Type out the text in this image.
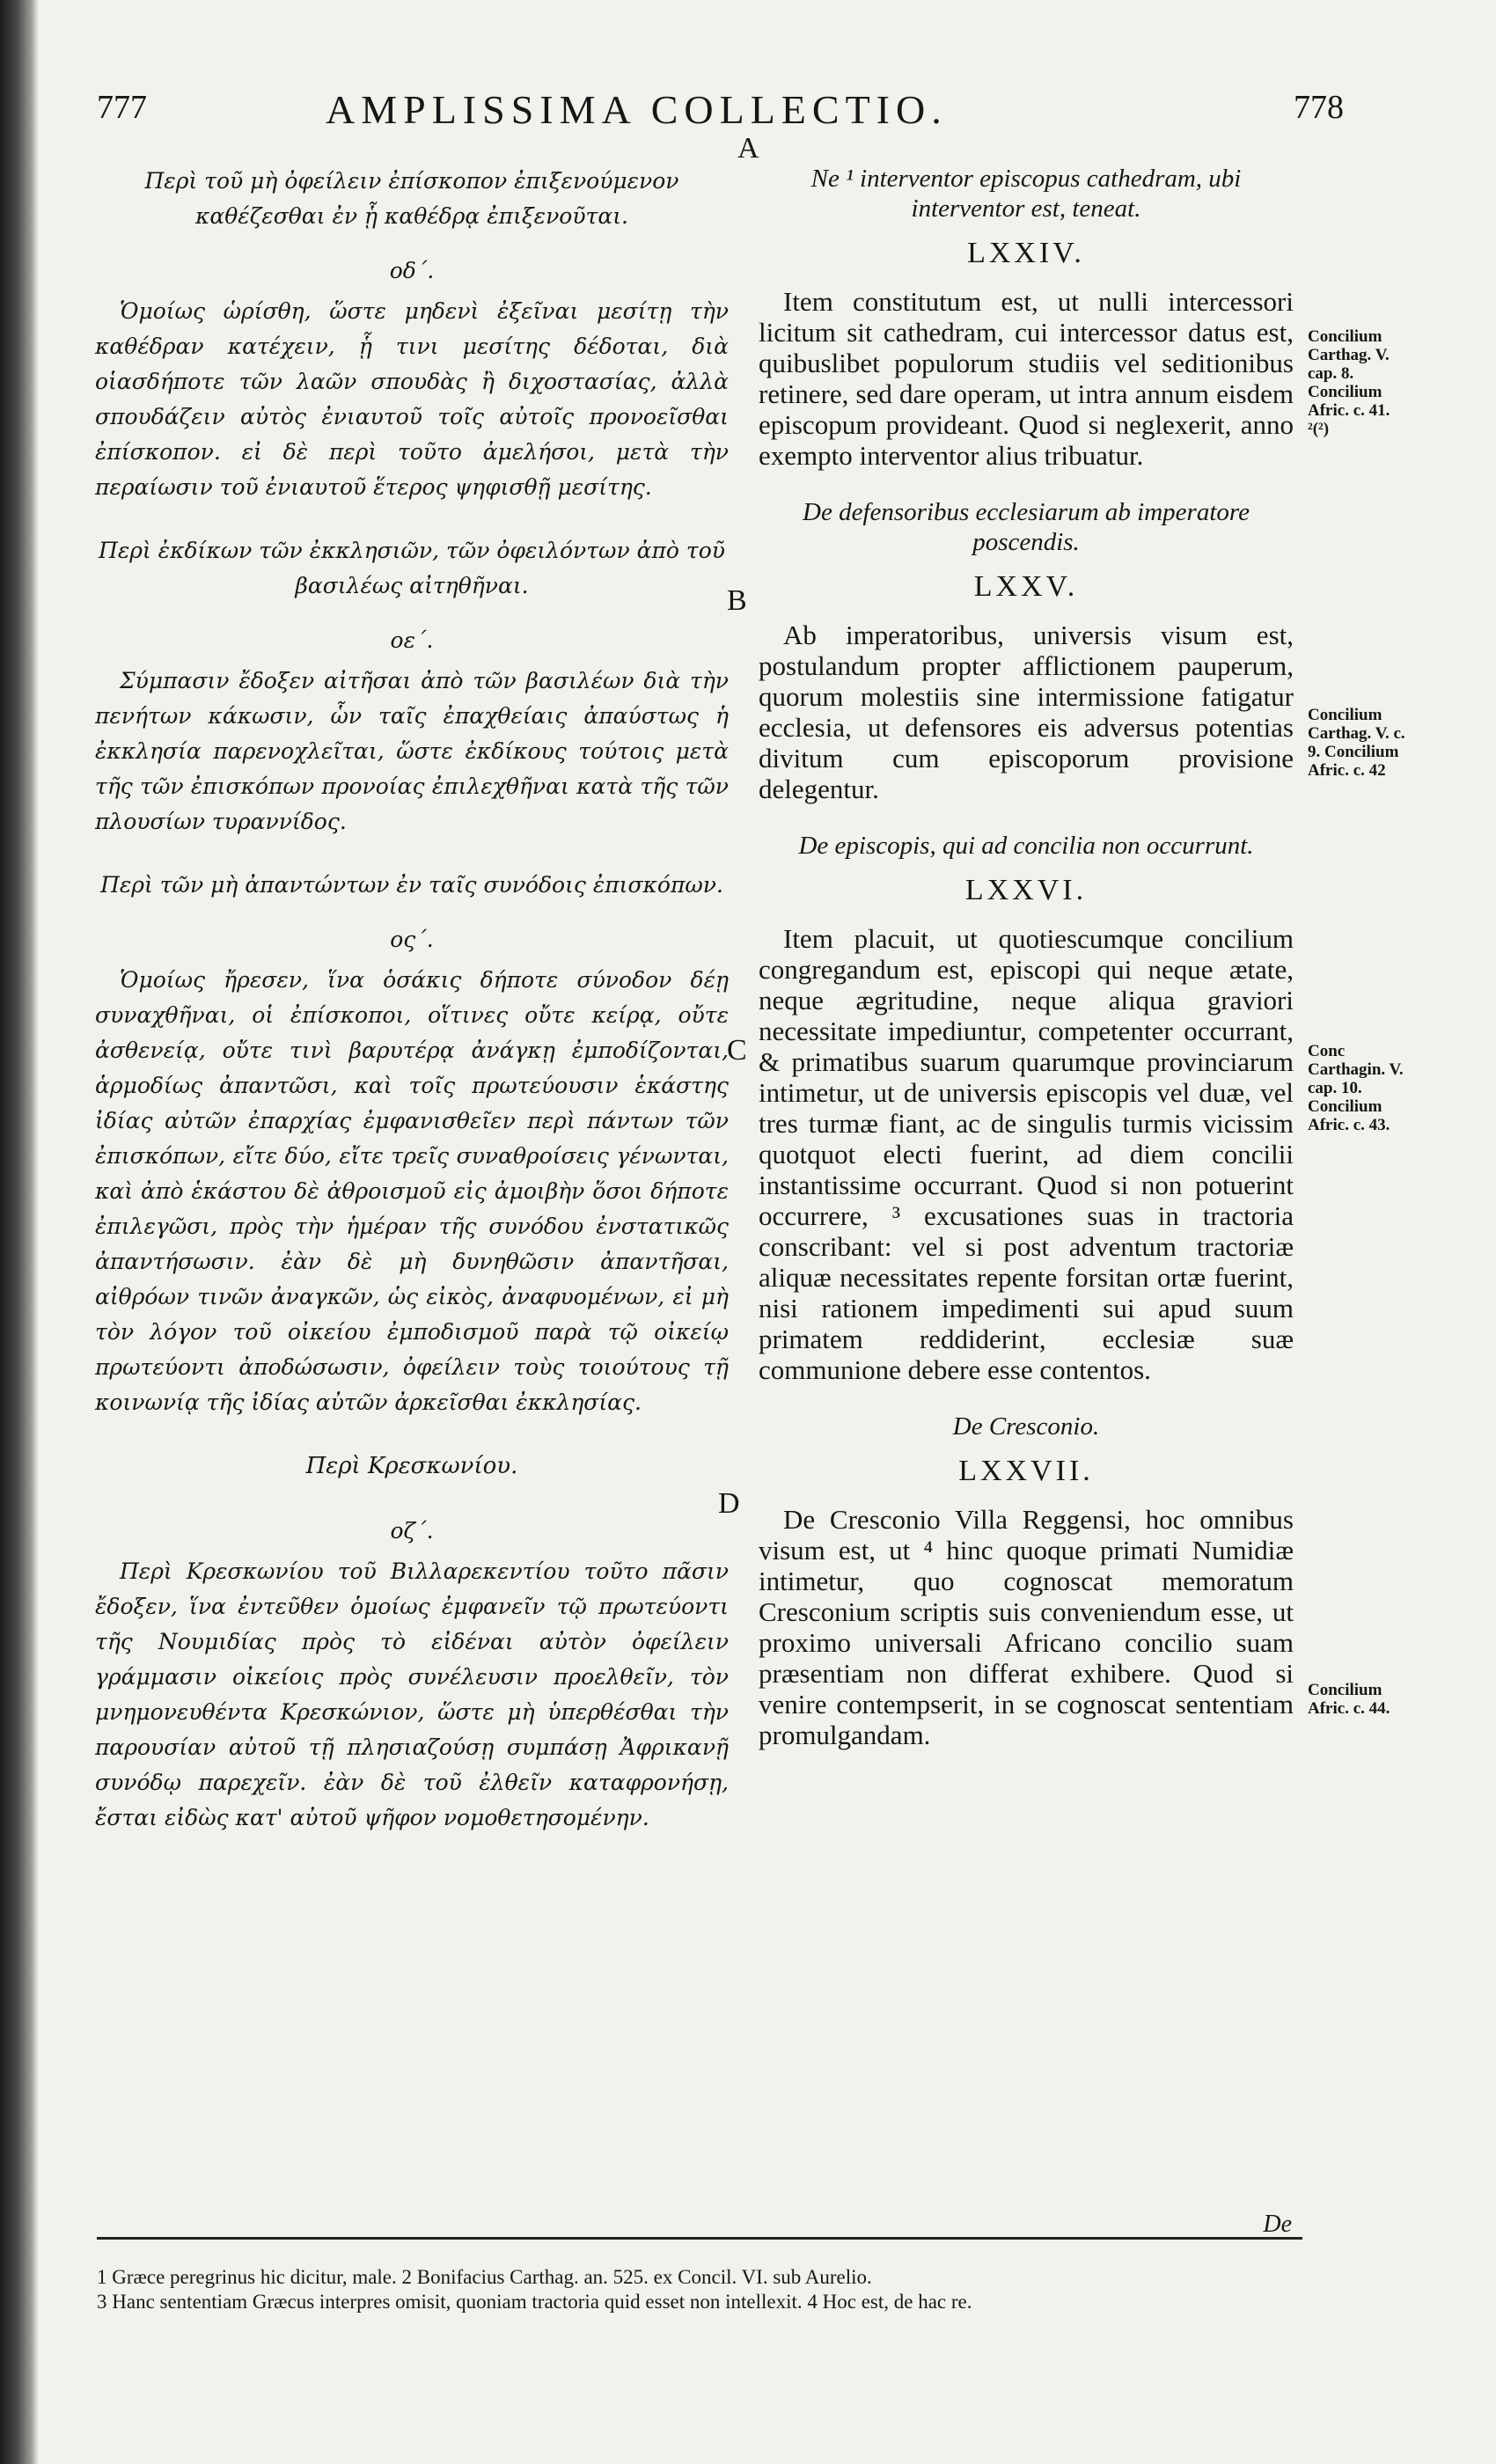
777	AMPLISSIMA COLLECTIO.	778
A
B
C
D
Περὶ τοῦ μὴ ὀφείλειν ἐπίσκοπον ἐπιξενούμενον καθέζεσθαι ἐν ᾗ καθέδρᾳ ἐπιξενοῦται.
οδ΄.
Ὁμοίως ὡρίσθη, ὥστε μηδενὶ ἐξεῖναι μεσίτῃ τὴν καθέδραν κατέχειν, ᾗ τινι μεσίτης δέδοται, διὰ οἱασδήποτε τῶν λαῶν σπουδὰς ἢ διχοστασίας, ἀλλὰ σπουδάζειν αὐτὸς ἐνιαυτοῦ τοῖς αὐτοῖς προνοεῖσθαι ἐπίσκοπον. εἰ δὲ περὶ τοῦτο ἀμελήσοι, μετὰ τὴν περαίωσιν τοῦ ἐνιαυτοῦ ἕτερος ψηφισθῇ μεσίτης.
Περὶ ἐκδίκων τῶν ἐκκλησιῶν, τῶν ὀφειλόντων ἀπὸ τοῦ βασιλέως αἰτηθῆναι.
οε΄.
Σύμπασιν ἔδοξεν αἰτῆσαι ἀπὸ τῶν βασιλέων διὰ τὴν πενήτων κάκωσιν, ὧν ταῖς ἐπαχθείαις ἀπαύστως ἡ ἐκκλησία παρενοχλεῖται, ὥστε ἐκδίκους τούτοις μετὰ τῆς τῶν ἐπισκόπων προνοίας ἐπιλεχθῆναι κατὰ τῆς τῶν πλουσίων τυραννίδος.
Περὶ τῶν μὴ ἀπαντώντων ἐν ταῖς συνόδοις ἐπισκόπων.
ος΄.
Ὁμοίως ἤρεσεν, ἵνα ὁσάκις δήποτε σύνοδον δέῃ συναχθῆναι, οἱ ἐπίσκοποι, οἵτινες οὔτε κείρᾳ, οὔτε ἀσθενείᾳ, οὔτε τινὶ βαρυτέρᾳ ἀνάγκῃ ἐμποδίζονται, ἁρμοδίως ἀπαντῶσι, καὶ τοῖς πρωτεύουσιν ἑκάστης ἰδίας αὐτῶν ἐπαρχίας ἐμφανισθεῖεν περὶ πάντων τῶν ἐπισκόπων, εἴτε δύο, εἴτε τρεῖς συναθροίσεις γένωνται, καὶ ἀπὸ ἑκάστου δὲ ἀθροισμοῦ εἰς ἀμοιβὴν ὅσοι δήποτε ἐπιλεγῶσι, πρὸς τὴν ἡμέραν τῆς συνόδου ἐνστατικῶς ἀπαντήσωσιν. ἐὰν δὲ μὴ δυνηθῶσιν ἀπαντῆσαι, αἰθρόων τινῶν ἀναγκῶν, ὡς εἰκὸς, ἀναφυομένων, εἰ μὴ τὸν λόγον τοῦ οἰκείου ἐμποδισμοῦ παρὰ τῷ οἰκείῳ πρωτεύοντι ἀποδώσωσιν, ὀφείλειν τοὺς τοιούτους τῇ κοινωνίᾳ τῆς ἰδίας αὐτῶν ἀρκεῖσθαι ἐκκλησίας.
Περὶ Κρεσκωνίου.
οζ΄.
Περὶ Κρεσκωνίου τοῦ Βιλλαρεκεντίου τοῦτο πᾶσιν ἔδοξεν, ἵνα ἐντεῦθεν ὁμοίως ἐμφανεῖν τῷ πρωτεύοντι τῆς Νουμιδίας πρὸς τὸ εἰδέναι αὐτὸν ὀφείλειν γράμμασιν οἰκείοις πρὸς συνέλευσιν προελθεῖν, τὸν μνημονευθέντα Κρεσκώνιον, ὥστε μὴ ὑπερθέσθαι τὴν παρουσίαν αὐτοῦ τῇ πλησιαζούσῃ συμπάσῃ Ἀφρικανῇ συνόδῳ παρεχεῖν. ἐὰν δὲ τοῦ ἐλθεῖν καταφρονήσῃ, ἔσται εἰδὼς κατ' αὐτοῦ ψῆφον νομοθετησομένην.
Ne ¹ interventor episcopus cathedram, ubi interventor est, teneat.
LXXIV.
Item constitutum est, ut nulli intercessori licitum sit cathedram, cui intercessor datus est, quibuslibet populorum studiis vel seditionibus retinere, sed dare operam, ut intra annum eisdem episcopum provideant. Quod si neglexerit, anno exempto interventor alius tribuatur.
De defensoribus ecclesiarum ab imperatore poscendis.
LXXV.
Ab imperatoribus, universis visum est, postulandum propter afflictionem pauperum, quorum molestiis sine intermissione fatigatur ecclesia, ut defensores eis adversus potentias divitum cum episcoporum provisione delegentur.
De episcopis, qui ad concilia non occurrunt.
LXXVI.
Item placuit, ut quotiescumque concilium congregandum est, episcopi qui neque ætate, neque ægritudine, neque aliqua graviori necessitate impediuntur, competenter occurrant, & primatibus suarum quarumque provinciarum intimetur, ut de universis episcopis vel duæ, vel tres turmæ fiant, ac de singulis turmis vicissim quotquot electi fuerint, ad diem concilii instantissime occurrant. Quod si non potuerint occurrere, ³ excusationes suas in tractoria conscribant: vel si post adventum tractoriæ aliquæ necessitates repente forsitan ortæ fuerint, nisi rationem impedimenti sui apud suum primatem reddiderint, ecclesiæ suæ communione debere esse contentos.
De Cresconio.
LXXVII.
De Cresconio Villa Reggensi, hoc omnibus visum est, ut ⁴ hinc quoque primati Numidiæ intimetur, quo cognoscat memoratum Cresconium scriptis suis conveniendum esse, ut proximo universali Africano concilio suam præsentiam non differat exhibere. Quod si venire contempserit, in se cognoscat sententiam promulgandam.
Concilium Carthag. V. cap. 8. Concilium Afric. c. 41. ²(²)
Concilium Carthag. V. c. 9. Concilium Afric. c. 42
Conc Carthagin. V. cap. 10. Concilium Afric. c. 43.
Concilium Afric. c. 44.
De
1 Græce peregrinus hic dicitur, male. 2 Bonifacius Carthag. an. 525. ex Concil. VI. sub Aurelio.
3 Hanc sententiam Græcus interpres omisit, quoniam tractoria quid esset non intellexit. 4 Hoc est, de hac re.
